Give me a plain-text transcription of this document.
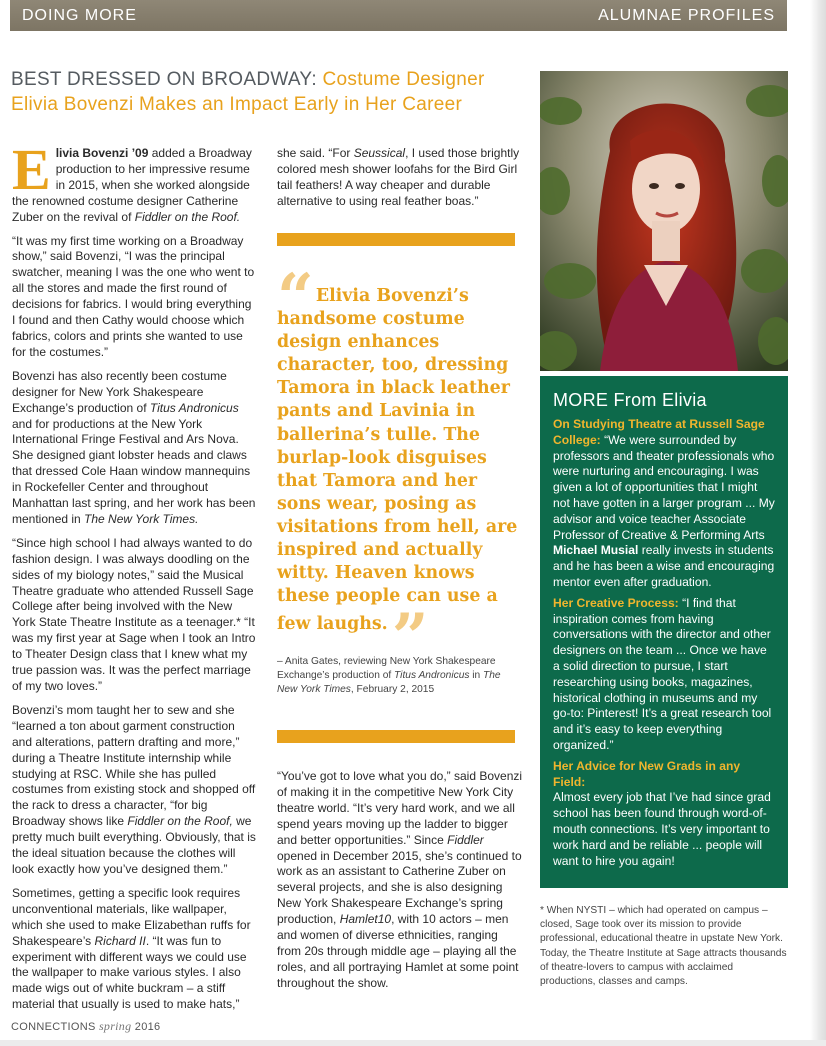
DOING MORE	ALUMNAE PROFILES
BEST DRESSED ON BROADWAY: Costume Designer Elivia Bovenzi Makes an Impact Early in Her Career

Elivia Bovenzi ’09 added a Broadway production to her impressive resume in 2015, when she worked alongside the renowned costume designer Catherine Zuber on the revival of Fiddler on the Roof.

“It was my first time working on a Broadway show,” said Bovenzi, “I was the principal swatcher, meaning I was the one who went to all the stores and made the first round of decisions for fabrics. I would bring everything I found and then Cathy would choose which fabrics, colors and prints she wanted to use for the costumes.”

Bovenzi has also recently been costume designer for New York Shakespeare Exchange’s production of Titus Andronicus and for productions at the New York International Fringe Festival and Ars Nova. She designed giant lobster heads and claws that dressed Cole Haan window mannequins in Rockefeller Center and throughout Manhattan last spring, and her work has been mentioned in The New York Times.

“Since high school I had always wanted to do fashion design. I was always doodling on the sides of my biology notes,” said the Musical Theatre graduate who attended Russell Sage College after being involved with the New York State Theatre Institute as a teenager.* “It was my first year at Sage when I took an Intro to Theater Design class that I knew what my true passion was. It was the perfect marriage of my two loves.”

Bovenzi’s mom taught her to sew and she “learned a ton about garment construction and alterations, pattern drafting and more,” during a Theatre Institute internship while studying at RSC. While she has pulled costumes from existing stock and shopped off the rack to dress a character, “for big Broadway shows like Fiddler on the Roof, we pretty much built everything. Obviously, that is the ideal situation because the clothes will look exactly how you’ve designed them.”

Sometimes, getting a specific look requires unconventional materials, like wallpaper, which she used to make Elizabethan ruffs for Shakespeare’s Richard II. “It was fun to experiment with different ways we could use the wallpaper to make various styles. I also made wigs out of white buckram – a stiff material that usually is used to make hats,”

she said. “For Seussical, I used those brightly colored mesh shower loofahs for the Bird Girl tail feathers! A way cheaper and durable alternative to using real feather boas.”

“ Elivia Bovenzi’s handsome costume design enhances character, too, dressing Tamora in black leather pants and Lavinia in ballerina’s tulle. The burlap-look disguises that Tamora and her sons wear, posing as visitations from hell, are inspired and actually witty. Heaven knows these people can use a few laughs.”
– Anita Gates, reviewing New York Shakespeare Exchange’s production of Titus Andronicus in The New York Times, February 2, 2015

“You’ve got to love what you do,” said Bovenzi of making it in the competitive New York City theatre world. “It’s very hard work, and we all spend years moving up the ladder to bigger and better opportunities.” Since Fiddler opened in December 2015, she’s continued to work as an assistant to Catherine Zuber on several projects, and she is also designing New York Shakespeare Exchange’s spring production, Hamlet10, with 10 actors – men and women of diverse ethnicities, ranging from 20s through middle age – playing all the roles, and all portraying Hamlet at some point throughout the show.

MORE From Elivia

On Studying Theatre at Russell Sage College: “We were surrounded by professors and theater professionals who were nurturing and encouraging. I was given a lot of opportunities that I might not have gotten in a larger program ... My advisor and voice teacher Associate Professor of Creative & Performing Arts Michael Musial really invests in students and he has been a wise and encouraging mentor even after graduation.

Her Creative Process: “I find that inspiration comes from having conversations with the director and other designers on the team ... Once we have a solid direction to pursue, I start researching using books, magazines, historical clothing in museums and my go-to: Pinterest! It’s a great research tool and it’s easy to keep everything organized.”

Her Advice for New Grads in any Field:
Almost every job that I’ve had since grad school has been found through word-of-mouth connections. It’s very important to work hard and be reliable ... people will want to hire you again!

* When NYSTI – which had operated on campus – closed, Sage took over its mission to provide professional, educational theatre in upstate New York. Today, the Theatre Institute at Sage attracts thousands of theatre-lovers to campus with acclaimed productions, classes and camps.
CONNECTIONS spring 2016
